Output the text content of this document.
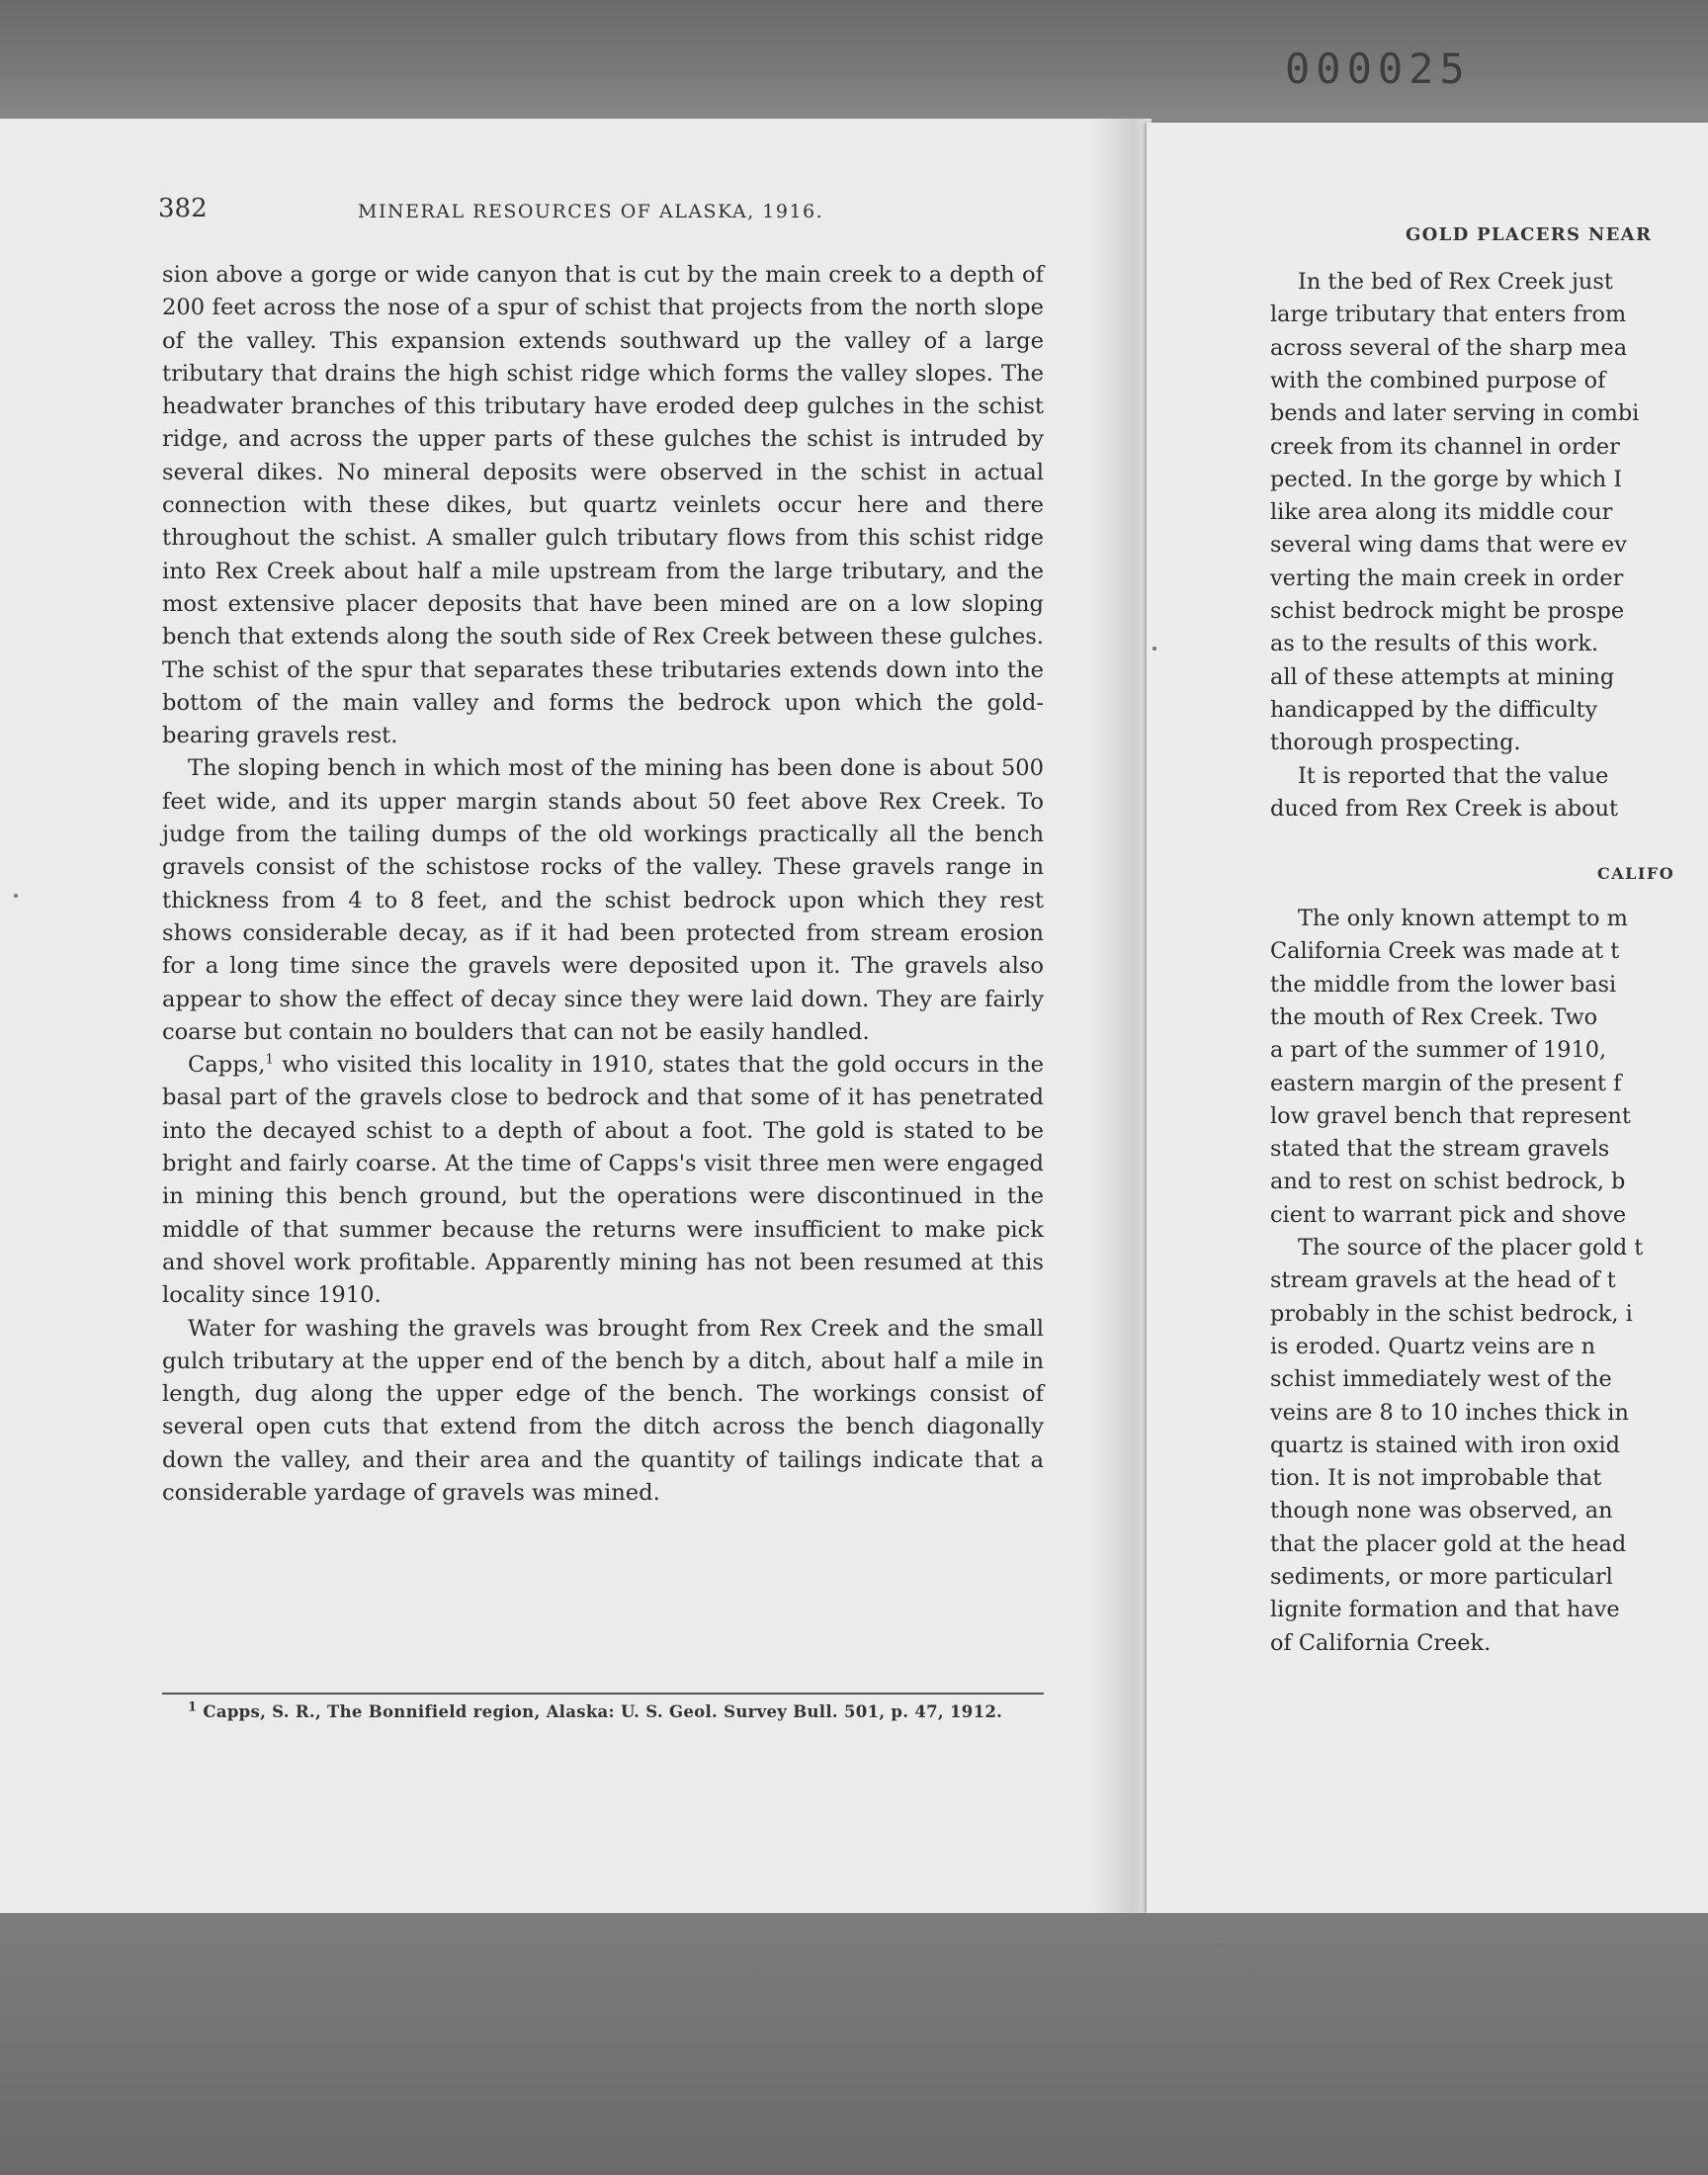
000025
382	MINERAL RESOURCES OF ALASKA, 1916.

sion above a gorge or wide canyon that is cut by the main creek to a depth of 200 feet across the nose of a spur of schist that projects from the north slope of the valley. This expansion extends southward up the valley of a large tributary that drains the high schist ridge which forms the valley slopes. The headwater branches of this tributary have eroded deep gulches in the schist ridge, and across the upper parts of these gulches the schist is intruded by several dikes. No mineral deposits were observed in the schist in actual connection with these dikes, but quartz veinlets occur here and there throughout the schist. A smaller gulch tributary flows from this schist ridge into Rex Creek about half a mile upstream from the large tributary, and the most extensive placer deposits that have been mined are on a low sloping bench that extends along the south side of Rex Creek between these gulches. The schist of the spur that separates these tributaries extends down into the bottom of the main valley and forms the bedrock upon which the gold-bearing gravels rest.

The sloping bench in which most of the mining has been done is about 500 feet wide, and its upper margin stands about 50 feet above Rex Creek. To judge from the tailing dumps of the old workings practically all the bench gravels consist of the schistose rocks of the valley. These gravels range in thickness from 4 to 8 feet, and the schist bedrock upon which they rest shows considerable decay, as if it had been protected from stream erosion for a long time since the gravels were deposited upon it. The gravels also appear to show the effect of decay since they were laid down. They are fairly coarse but contain no boulders that can not be easily handled.

Capps,$^1$ who visited this locality in 1910, states that the gold occurs in the basal part of the gravels close to bedrock and that some of it has penetrated into the decayed schist to a depth of about a foot. The gold is stated to be bright and fairly coarse. At the time of Capps's visit three men were engaged in mining this bench ground, but the operations were discontinued in the middle of that summer because the returns were insufficient to make pick and shovel work profitable. Apparently mining has not been resumed at this locality since 1910.

Water for washing the gravels was brought from Rex Creek and the small gulch tributary at the upper end of the bench by a ditch, about half a mile in length, dug along the upper edge of the bench. The workings consist of several open cuts that extend from the ditch across the bench diagonally down the valley, and their area and the quantity of tailings indicate that a considerable yardage of gravels was mined.

$^1$ Capps, S. R., The Bonnifield region, Alaska: U. S. Geol. Survey Bull. 501, p. 47, 1912.
GOLD PLACERS NEAR
In the bed of Rex Creek just
large tributary that enters from
across several of the sharp mea
with the combined purpose of
bends and later serving in combi
creek from its channel in order
pected. In the gorge by which I
like area along its middle cour
several wing dams that were ev
verting the main creek in order
schist bedrock might be prospe
as to the results of this work.
all of these attempts at mining
handicapped by the difficulty
thorough prospecting.
It is reported that the value
duced from Rex Creek is about
CALIFO
The only known attempt to m
California Creek was made at t
the middle from the lower basi
the mouth of Rex Creek. Two
a part of the summer of 1910,
eastern margin of the present f
low gravel bench that represent
stated that the stream gravels
and to rest on schist bedrock, b
cient to warrant pick and shove
The source of the placer gold t
stream gravels at the head of t
probably in the schist bedrock, i
is eroded. Quartz veins are n
schist immediately west of the
veins are 8 to 10 inches thick in
quartz is stained with iron oxid
tion. It is not improbable that
though none was observed, an
that the placer gold at the head
sediments, or more particularl
lignite formation and that have
of California Creek.
